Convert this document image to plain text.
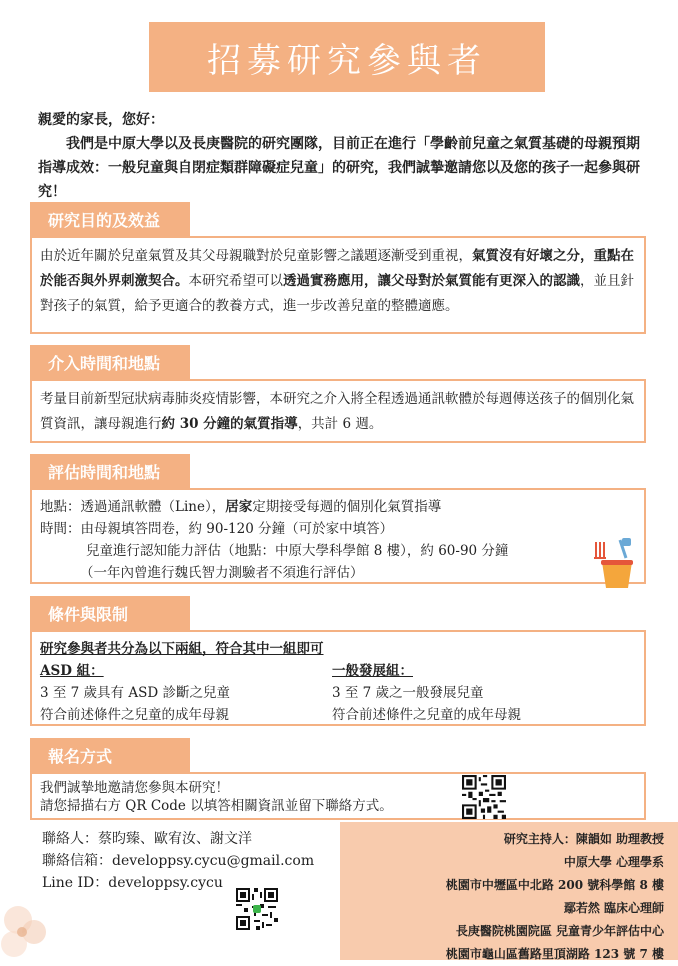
招募研究參與者

親愛的家長，您好：

我們是中原大學以及長庚醫院的研究團隊，目前正在進行「學齡前兒童之氣質基礎的母親預期指導成效：一般兒童與自閉症類群障礙症兒童」的研究，我們誠摯邀請您以及您的孩子一起參與研究！

研究目的及效益

由於近年關於兒童氣質及其父母親職對於兒童影響之議題逐漸受到重視，氣質沒有好壞之分，重點在於能否與外界刺激契合。本研究希望可以透過實務應用，讓父母對於氣質能有更深入的認識，並且針對孩子的氣質，給予更適合的教養方式，進一步改善兒童的整體適應。

介入時間和地點

考量目前新型冠狀病毒肺炎疫情影響，本研究之介入將全程透過通訊軟體於每週傳送孩子的個別化氣質資訊，讓母親進行約 30 分鐘的氣質指導，共計 6 週。

評估時間和地點

地點：透過通訊軟體（Line），居家定期接受每週的個別化氣質指導

時間：由母親填答問卷，約 90-120 分鐘（可於家中填答）

兒童進行認知能力評估（地點：中原大學科學館 8 樓），約 60-90 分鐘

（一年內曾進行魏氏智力測驗者不須進行評估）

條件與限制

研究參與者共分為以下兩組，符合其中一組即可

ASD 組：

3 至 7 歲具有 ASD 診斷之兒童

符合前述條件之兒童的成年母親

一般發展組：

3 至 7 歲之一般發展兒童

符合前述條件之兒童的成年母親

報名方式

我們誠摯地邀請您參與本研究！

請您掃描右方 QR Code 以填答相關資訊並留下聯絡方式。

聯絡人：蔡昀臻、歐宥汝、謝文洋
聯絡信箱：developpsy.cycu@gmail.com
Line ID：developpsy.cycu
研究主持人：陳韻如 助理教授
中原大學 心理學系
桃園市中壢區中北路 200 號科學館 8 樓
鄢若然 臨床心理師
長庚醫院桃園院區 兒童青少年評估中心
桃園市龜山區舊路里頂湖路 123 號 7 樓
